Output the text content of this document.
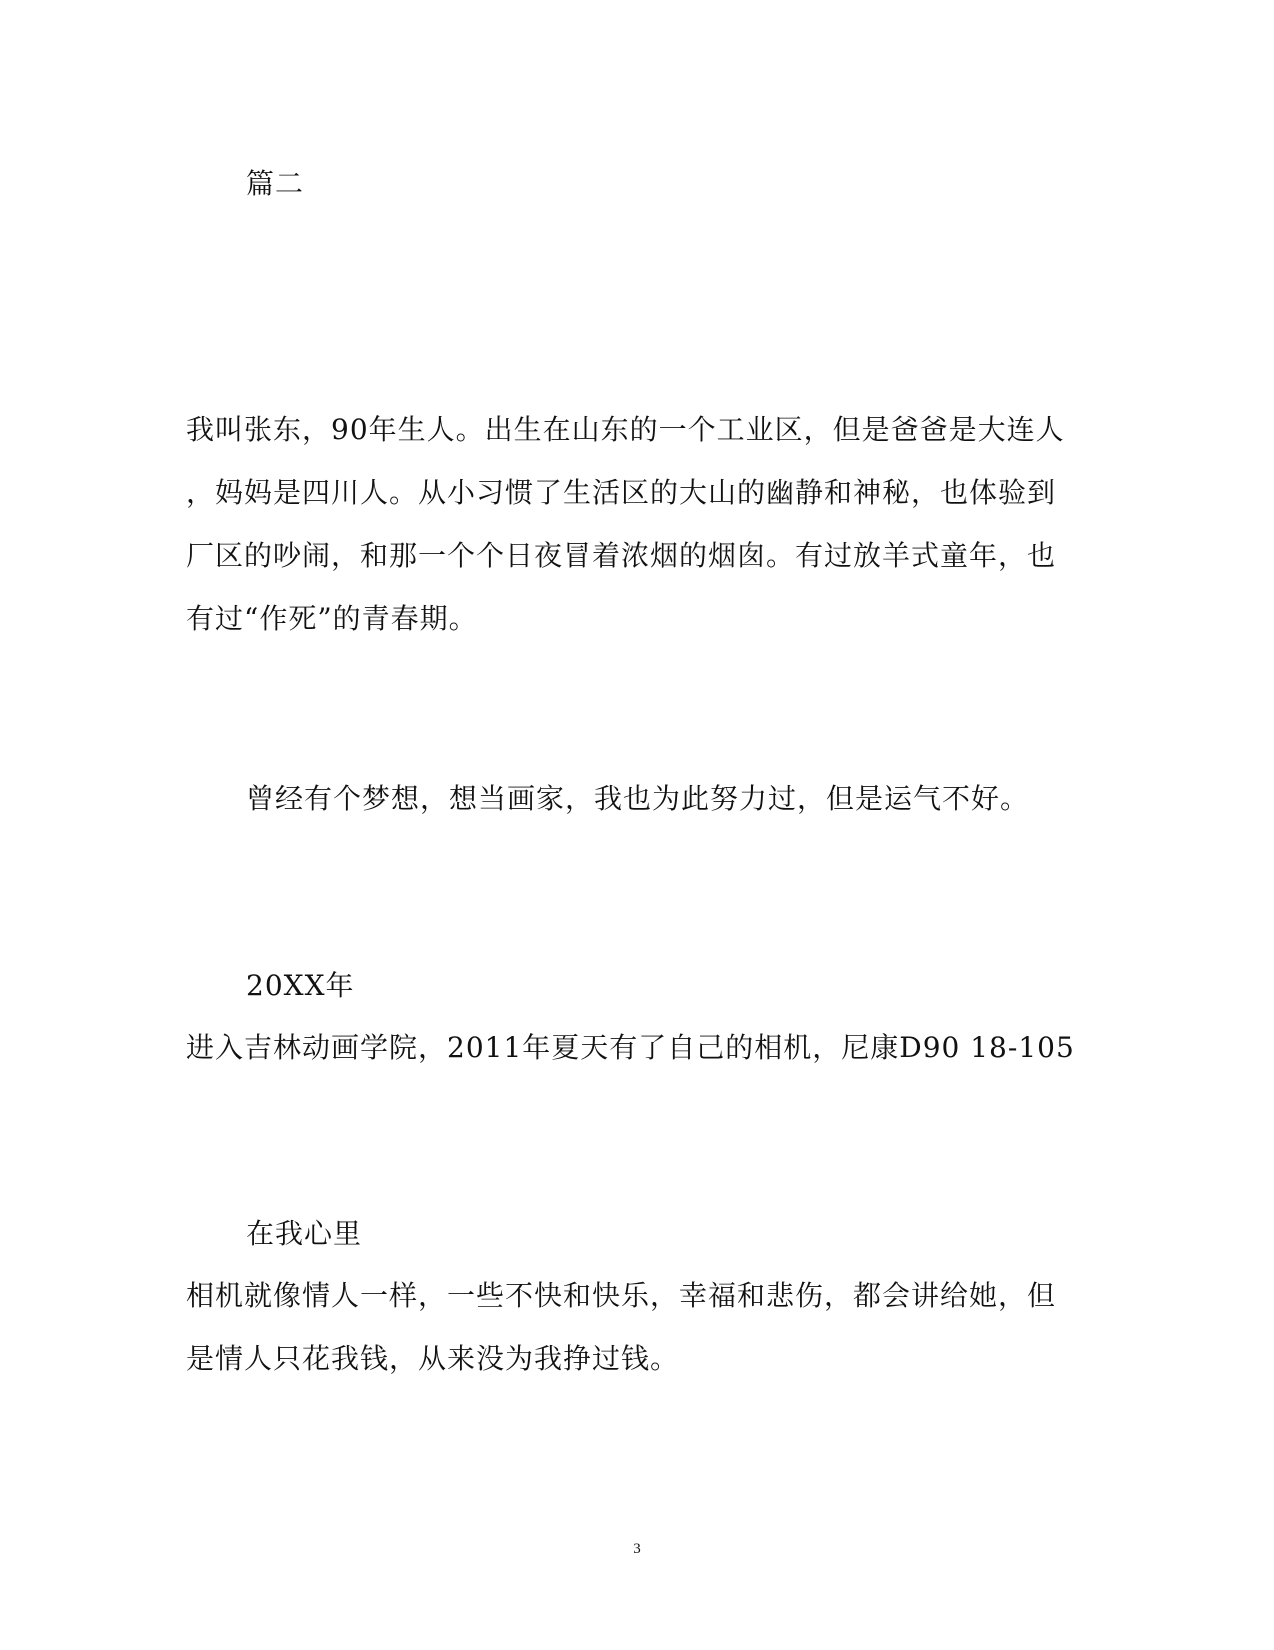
篇二
我叫张东，90年生人。出生在山东的一个工业区，但是爸爸是大连人
，妈妈是四川人。从小习惯了生活区的大山的幽静和神秘，也体验到
厂区的吵闹，和那一个个日夜冒着浓烟的烟囱。有过放羊式童年，也
有过“作死”的青春期。
曾经有个梦想，想当画家，我也为此努力过，但是运气不好。
20XX年
进入吉林动画学院，2011年夏天有了自己的相机，尼康D90 18-105
在我心里
相机就像情人一样，一些不快和快乐，幸福和悲伤，都会讲给她，但
是情人只花我钱，从来没为我挣过钱。
3
